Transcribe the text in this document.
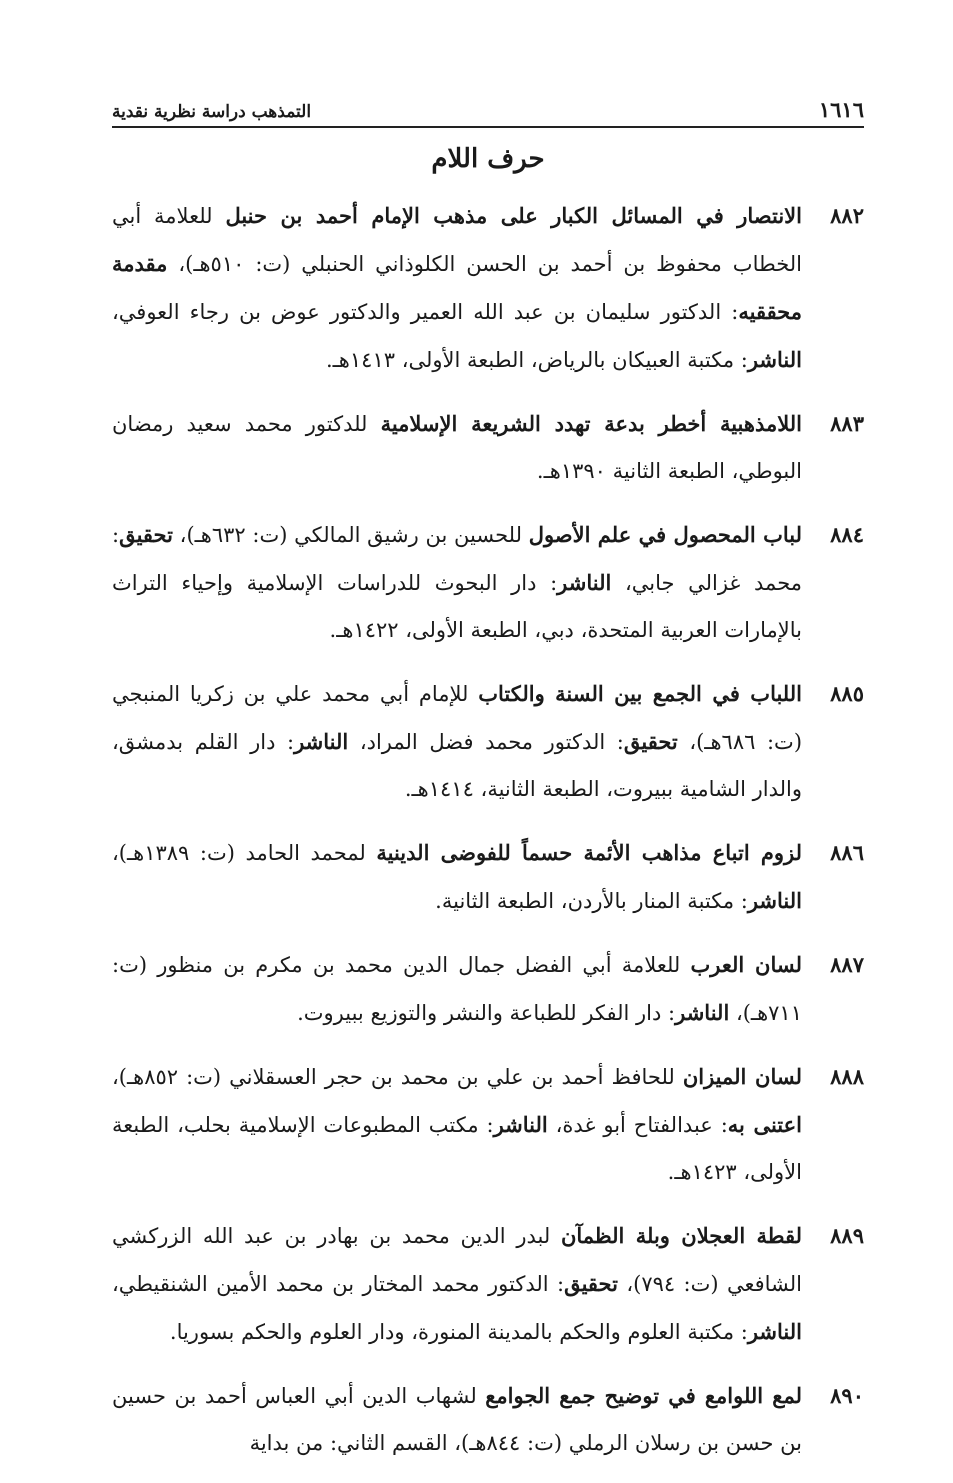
١٦١٦
التمذهب دراسة نظرية نقدية
حرف اللام
٨٨٢
الانتصار في المسائل الكبار على مذهب الإمام أحمد بن حنبل للعلامة أبي الخطاب محفوظ بن أحمد بن الحسن الكلوذاني الحنبلي (ت: ٥١٠هـ)، مقدمة محققيه: الدكتور سليمان بن عبد الله العمير والدكتور عوض بن رجاء العوفي، الناشر: مكتبة العبيكان بالرياض، الطبعة الأولى، ١٤١٣هـ.
٨٨٣
اللامذهبية أخطر بدعة تهدد الشريعة الإسلامية للدكتور محمد سعيد رمضان البوطي، الطبعة الثانية ١٣٩٠هـ.
٨٨٤
لباب المحصول في علم الأصول للحسين بن رشيق المالكي (ت: ٦٣٢هـ)، تحقيق: محمد غزالي جابي، الناشر: دار البحوث للدراسات الإسلامية وإحياء التراث بالإمارات العربية المتحدة، دبي، الطبعة الأولى، ١٤٢٢هـ.
٨٨٥
اللباب في الجمع بين السنة والكتاب للإمام أبي محمد علي بن زكريا المنبجي (ت: ٦٨٦هـ)، تحقيق: الدكتور محمد فضل المراد، الناشر: دار القلم بدمشق، والدار الشامية ببيروت، الطبعة الثانية، ١٤١٤هـ.
٨٨٦
لزوم اتباع مذاهب الأئمة حسماً للفوضى الدينية لمحمد الحامد (ت: ١٣٨٩هـ)، الناشر: مكتبة المنار بالأردن، الطبعة الثانية.
٨٨٧
لسان العرب للعلامة أبي الفضل جمال الدين محمد بن مكرم بن منظور (ت: ٧١١هـ)، الناشر: دار الفكر للطباعة والنشر والتوزيع ببيروت.
٨٨٨
لسان الميزان للحافظ أحمد بن علي بن محمد بن حجر العسقلاني (ت: ٨٥٢هـ)، اعتنى به: عبدالفتاح أبو غدة، الناشر: مكتب المطبوعات الإسلامية بحلب، الطبعة الأولى، ١٤٢٣هـ.
٨٨٩
لقطة العجلان وبلة الظمآن لبدر الدين محمد بن بهادر بن عبد الله الزركشي الشافعي (ت: ٧٩٤)، تحقيق: الدكتور محمد المختار بن محمد الأمين الشنقيطي، الناشر: مكتبة العلوم والحكم بالمدينة المنورة، ودار العلوم والحكم بسوريا.
٨٩٠
لمع اللوامع في توضيح جمع الجوامع لشهاب الدين أبي العباس أحمد بن حسين بن حسن بن رسلان الرملي (ت: ٨٤٤هـ)، القسم الثاني: من بداية
